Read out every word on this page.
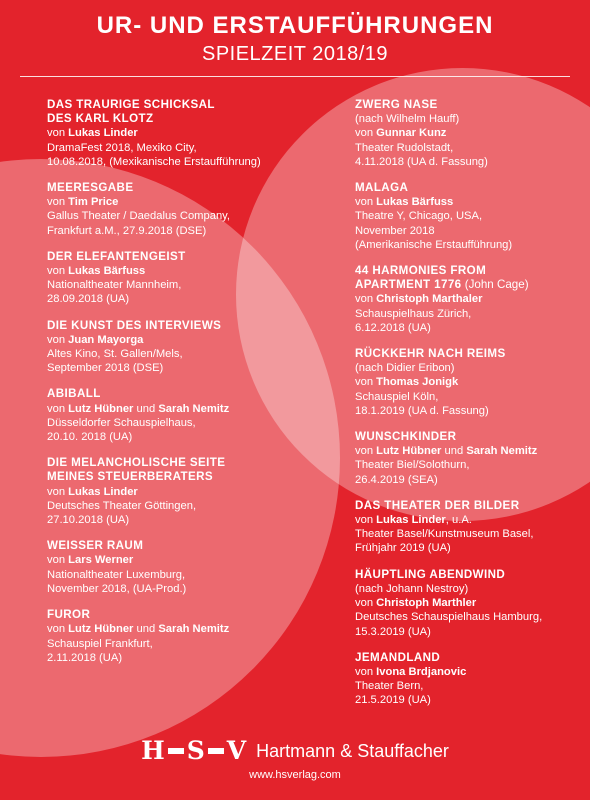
UR- UND ERSTAUFFÜHRUNGEN
SPIELZEIT 2018/19
DAS TRAURIGE SCHICKSAL
DES KARL KLOTZ
von Lukas Linder
DramaFest 2018, Mexiko City,
10.08.2018, (Mexikanische Erstaufführung)
MEERESGABE
von Tim Price
Gallus Theater / Daedalus Company,
Frankfurt a.M., 27.9.2018 (DSE)
DER ELEFANTENGEIST
von Lukas Bärfuss
Nationaltheater Mannheim,
28.09.2018 (UA)
DIE KUNST DES INTERVIEWS
von Juan Mayorga
Altes Kino, St. Gallen/Mels,
September 2018 (DSE)
ABIBALL
von Lutz Hübner und Sarah Nemitz
Düsseldorfer Schauspielhaus,
20.10. 2018 (UA)
DIE MELANCHOLISCHE SEITE
MEINES STEUERBERATERS
von Lukas Linder
Deutsches Theater Göttingen,
27.10.2018 (UA)
WEISSER RAUM
von Lars Werner
Nationaltheater Luxemburg,
November 2018, (UA-Prod.)
FUROR
von Lutz Hübner und Sarah Nemitz
Schauspiel Frankfurt,
2.11.2018 (UA)
ZWERG NASE
(nach Wilhelm Hauff)
von Gunnar Kunz
Theater Rudolstadt,
4.11.2018 (UA d. Fassung)
MALAGA
von Lukas Bärfuss
Theatre Y, Chicago, USA,
November 2018
(Amerikanische Erstaufführung)
44 HARMONIES FROM
APARTMENT 1776 (John Cage)
von Christoph Marthaler
Schauspielhaus Zürich,
6.12.2018 (UA)
RÜCKKEHR NACH REIMS
(nach Didier Eribon)
von Thomas Jonigk
Schauspiel Köln,
18.1.2019 (UA d. Fassung)
WUNSCHKINDER
von Lutz Hübner und Sarah Nemitz
Theater Biel/Solothurn,
26.4.2019 (SEA)
DAS THEATER DER BILDER
von Lukas Linder, u.A.
Theater Basel/Kunstmuseum Basel,
Frühjahr 2019 (UA)
HÄUPTLING ABENDWIND
(nach Johann Nestroy)
von Christoph Marthler
Deutsches Schauspielhaus Hamburg,
15.3.2019 (UA)
JEMANDLAND
von Ivona Brdjanovic
Theater Bern,
21.5.2019 (UA)
H S V Hartmann & Stauffacher
www.hsverlag.com
